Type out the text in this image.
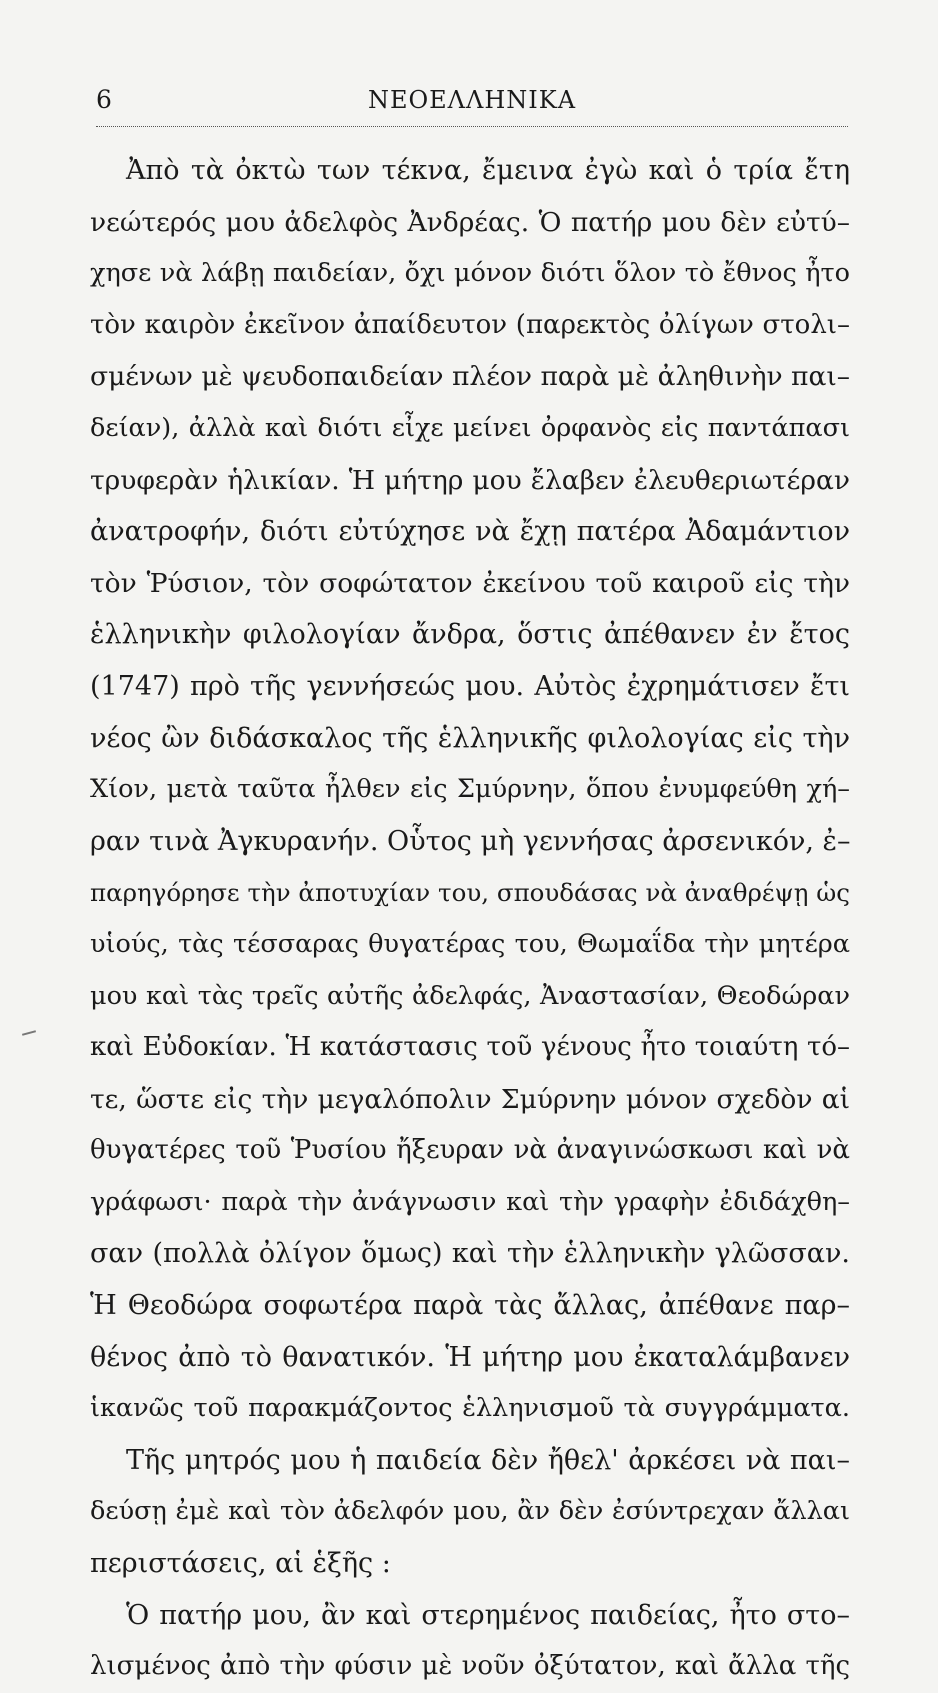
6	ΝΕΟΕΛΛΗΝΙΚΑ
Ἀπὸ τὰ ὀκτὼ των τέκνα, ἔμεινα ἐγὼ καὶ ὁ τρία ἔτη
νεώτερός μου ἀδελφὸς Ἀνδρέας. Ὁ πατήρ μου δὲν εὐτύ–
χησε νὰ λάβῃ παιδείαν, ὄχι μόνον διότι ὅλον τὸ ἔθνος ἦτο
τὸν καιρὸν ἐκεῖνον ἀπαίδευτον (παρεκτὸς ὀλίγων στολι–
σμένων μὲ ψευδοπαιδείαν πλέον παρὰ μὲ ἀληθινὴν παι–
δείαν), ἀλλὰ καὶ διότι εἶχε μείνει ὀρφανὸς εἰς παντάπασι
τρυφερὰν ἡλικίαν. Ἡ μήτηρ μου ἔλαβεν ἐλευθεριωτέραν
ἀνατροφήν, διότι εὐτύχησε νὰ ἔχῃ πατέρα Ἀδαμάντιον
τὸν Ῥύσιον, τὸν σοφώτατον ἐκείνου τοῦ καιροῦ εἰς τὴν
ἑλληνικὴν φιλολογίαν ἄνδρα, ὅστις ἀπέθανεν ἐν ἔτος
(1747) πρὸ τῆς γεννήσεώς μου. Αὐτὸς ἐχρημάτισεν ἔτι
νέος ὢν διδάσκαλος τῆς ἑλληνικῆς φιλολογίας εἰς τὴν
Χίον, μετὰ ταῦτα ἦλθεν εἰς Σμύρνην, ὅπου ἐνυμφεύθη χή–
ραν τινὰ Ἀγκυρανήν. Οὗτος μὴ γεννήσας ἀρσενικόν, ἐ–
παρηγόρησε τὴν ἀποτυχίαν του, σπουδάσας νὰ ἀναθρέψῃ ὡς
υἱούς, τὰς τέσσαρας θυγατέρας του, Θωμαΐδα τὴν μητέρα
μου καὶ τὰς τρεῖς αὐτῆς ἀδελφάς, Ἀναστασίαν, Θεοδώραν
καὶ Εὐδοκίαν. Ἡ κατάστασις τοῦ γένους ἦτο τοιαύτη τό–
τε, ὥστε εἰς τὴν μεγαλόπολιν Σμύρνην μόνον σχεδὸν αἱ
θυγατέρες τοῦ Ῥυσίου ἤξευραν νὰ ἀναγινώσκωσι καὶ νὰ
γράφωσι· παρὰ τὴν ἀνάγνωσιν καὶ τὴν γραφὴν ἐδιδάχθη–
σαν (πολλὰ ὀλίγον ὅμως) καὶ τὴν ἑλληνικὴν γλῶσσαν.
Ἡ Θεοδώρα σοφωτέρα παρὰ τὰς ἄλλας, ἀπέθανε παρ–
θένος ἀπὸ τὸ θανατικόν. Ἡ μήτηρ μου ἐκαταλάμβανεν
ἱκανῶς τοῦ παρακμάζοντος ἑλληνισμοῦ τὰ συγγράμματα.
Τῆς μητρός μου ἡ παιδεία δὲν ἤθελ' ἀρκέσει νὰ παι–
δεύσῃ ἐμὲ καὶ τὸν ἀδελφόν μου, ἂν δὲν ἐσύντρεχαν ἄλλαι
περιστάσεις, αἱ ἑξῆς :
Ὁ πατήρ μου, ἂν καὶ στερημένος παιδείας, ἦτο στο–
λισμένος ἀπὸ τὴν φύσιν μὲ νοῦν ὀξύτατον, καὶ ἄλλα τῆς
